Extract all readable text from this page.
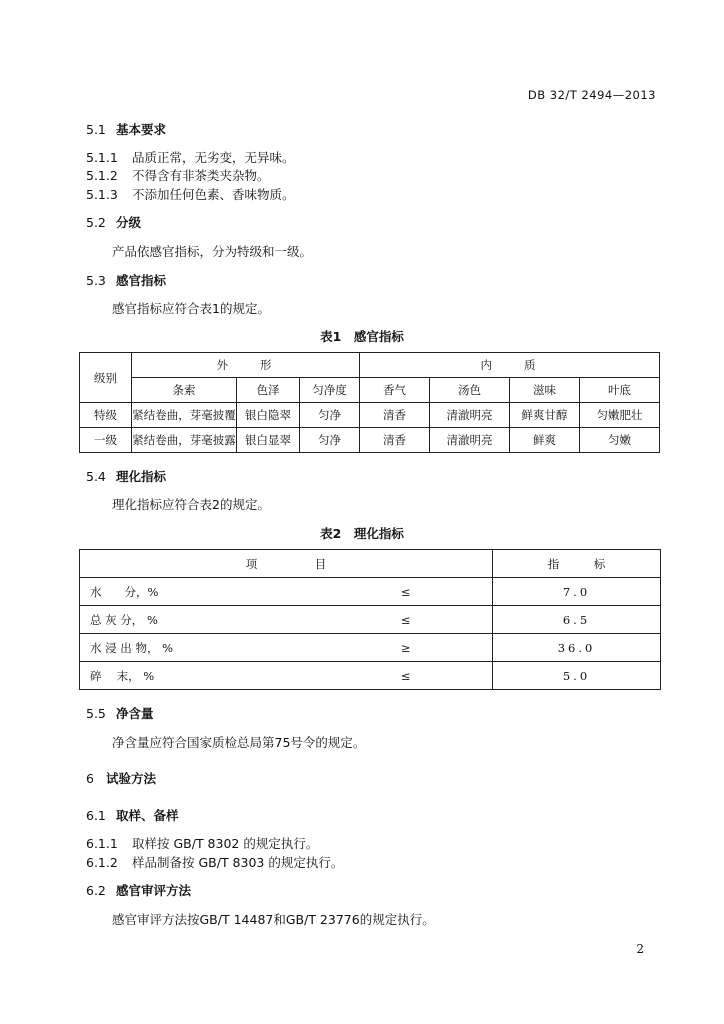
DB 32/T 2494—2013
5.1 基本要求
5.1.1 品质正常，无劣变，无异味。
5.1.2 不得含有非茶类夹杂物。
5.1.3 不添加任何色素、香味物质。
5.2 分级
产品依感官指标，分为特级和一级。
5.3 感官指标
感官指标应符合表1的规定。
表1　感官指标
级别	外　　形			内　　质			
	条索	色泽	匀净度	香气	汤色	滋味	叶底
特级	紧结卷曲，芽毫披覆	银白隐翠	匀净	清香	清澈明亮	鲜爽甘醇	匀嫩肥壮
一级	紧结卷曲，芽毫披露	银白显翠	匀净	清香	清澈明亮	鲜爽	匀嫩
5.4 理化指标
理化指标应符合表2的规定。
表2　理化指标
项　　　　　目		指　　　标
水　　分，%	≤	7.0
总 灰 分， %	≤	6.5
水 浸 出 物， %	≥	36.0
碎　 末， %	≤	5.0
5.5 净含量
净含量应符合国家质检总局第75号令的规定。
6 试验方法
6.1 取样、备样
6.1.1 取样按 GB/T 8302 的规定执行。
6.1.2 样品制备按 GB/T 8303 的规定执行。
6.2 感官审评方法
感官审评方法按GB/T 14487和GB/T 23776的规定执行。
2
